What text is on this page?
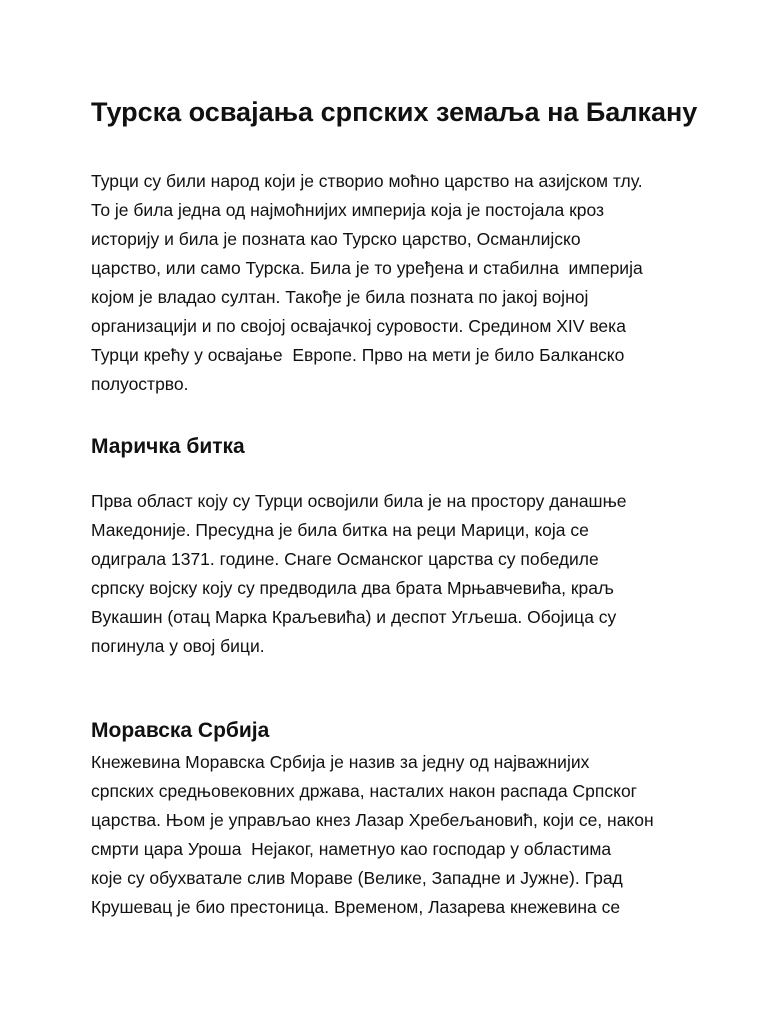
Турска освајања српских земаља на Балкану

Турци су били народ који је створио моћно царство на азијском тлу.
То је била једна од најмоћнијих империја која је постојала кроз
историју и била је позната као Турско царство, Османлијско
царство, или само Турска. Била је то уређена и стабилна  империја
којом је владао султан. Такође је била позната по јакој војној
организацији и по својој освајачкој суровости. Средином XIV века
Турци крећу у освајање  Европе. Прво на мети је било Балканско
полуострво.

Маричка битка

Прва област коју су Турци освојили била је на простору данашње
Македоније. Пресудна је била битка на реци Марици, која се
одиграла 1371. године. Снаге Османског царства су победиле
српску војску коју су предводила два брата Мрњавчевића, краљ
Вукашин (отац Марка Краљевића) и деспот Угљеша. Обојица су
погинула у овој бици.

Моравска Србија

Кнежевина Моравска Србија је назив за једну од најважнијих
српских средњовековних држава, насталих након распада Српског
царства. Њом је управљао кнез Лазар Хребељановић, који се, након
смрти цара Уроша  Нејаког, наметнуо као господар у областима
које су обухватале слив Мораве (Велике, Западне и Јужне). Град
Крушевац је био престоница. Временом, Лазарева кнежевина се
